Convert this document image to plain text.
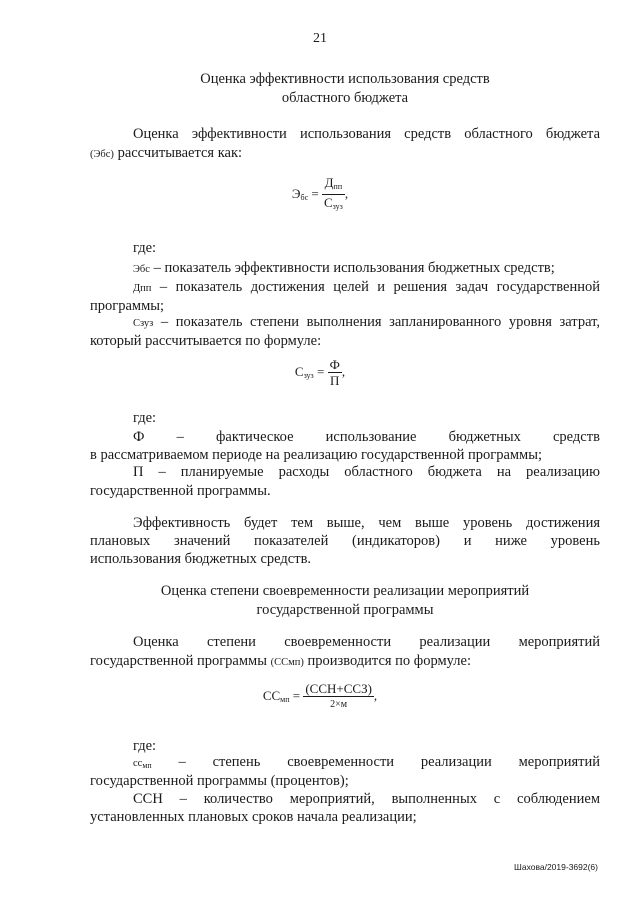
21
Оценка эффективности использования средств
областного бюджета
Оценка эффективности использования средств областного бюджета
(Эбс) рассчитывается как:
$Э_{бс} = \frac{Д_{пп}}{С_{зуз}}$ ,
где:
Эбс – показатель эффективности использования бюджетных средств;
Дпп – показатель достижения целей и решения задач государственной
программы;
Сзуз – показатель степени выполнения запланированного уровня затрат,
который рассчитывается по формуле:
$С_{зуз} = \frac{Ф}{П}$ ,
где:
Ф – фактическое использование бюджетных средств
в рассматриваемом периоде на реализацию государственной программы;
П – планируемые расходы областного бюджета на реализацию
государственной программы.
Эффективность будет тем выше, чем выше уровень достижения
плановых значений показателей (индикаторов) и ниже уровень
использования бюджетных средств.
Оценка степени своевременности реализации мероприятий
государственной программы
Оценка степени своевременности реализации мероприятий
государственной программы (ССмп) производится по формуле:
$СС_{мп} = \frac{\text{(ССН+ССЗ)}}{2\times м}$ ,
где:
$сс_{мп}$ – степень своевременности реализации мероприятий
государственной программы (процентов);
ССН – количество мероприятий, выполненных с соблюдением
установленных плановых сроков начала реализации;
Шахова/2019-3692(6)
